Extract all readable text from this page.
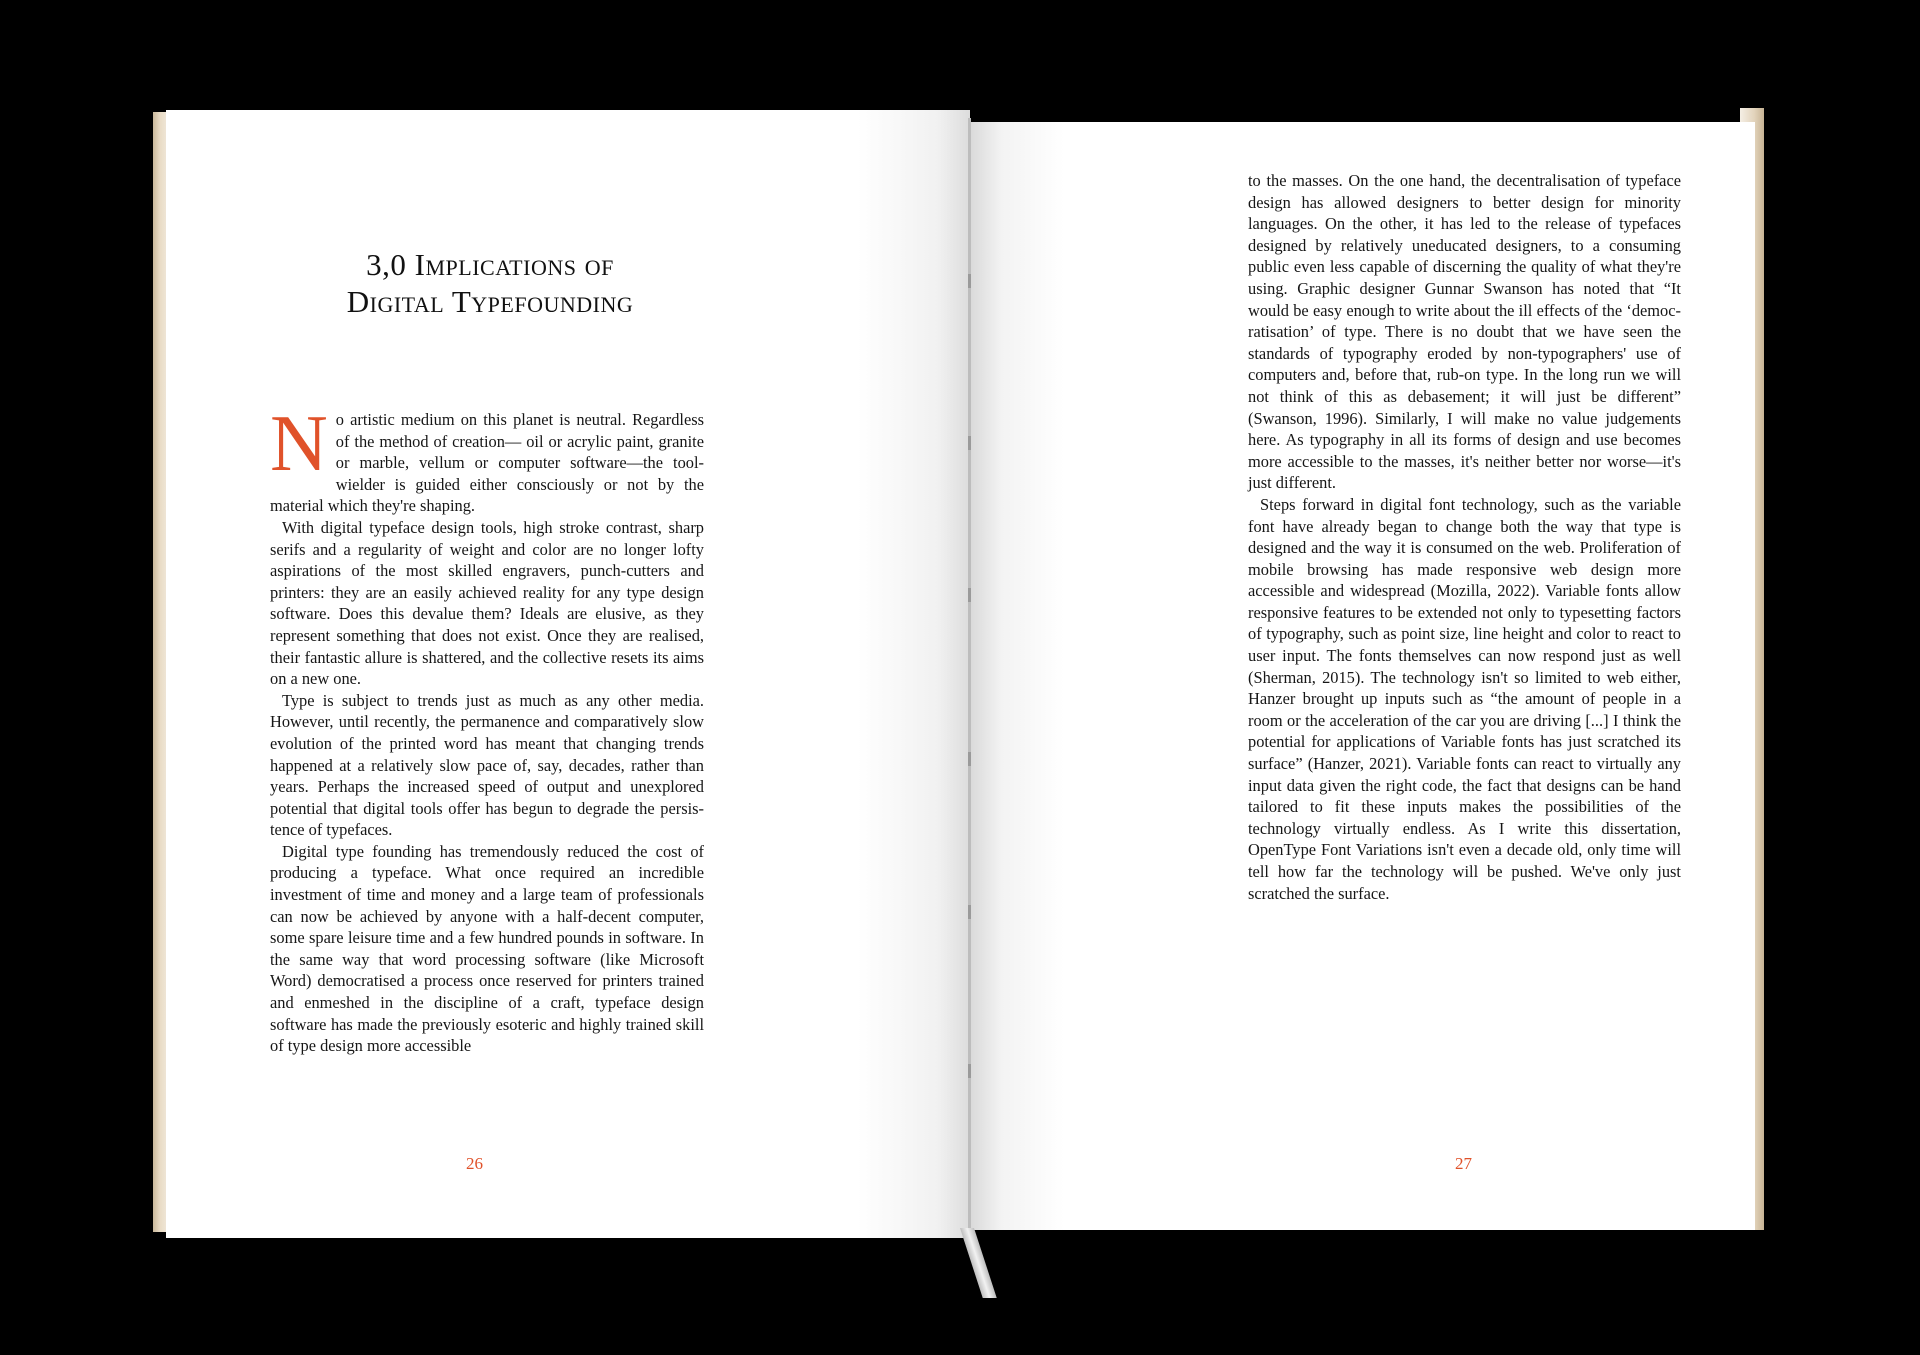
3,0 Implications of
Digital Typefounding

No artistic medium on this planet is neutral. Regardless of the method of creation— oil or acrylic paint, granite or marble, vellum or computer software—the tool-wielder is guided either consciously or not by the material which they're shaping.

With digital typeface design tools, high stroke contrast, sharp serifs and a regularity of weight and color are no longer lofty aspirations of the most skilled engravers, punch-cutters and printers: they are an easily achieved reality for any type design software. Does this devalue them? Ideals are elusive, as they represent something that does not exist. Once they are realised, their fantastic allure is shattered, and the collective resets its aims on a new one.

Type is subject to trends just as much as any other media. However, until recently, the permanence and comparatively slow evolution of the printed word has meant that changing trends happened at a relatively slow pace of, say, decades, rather than years. Perhaps the increased speed of output and unexplored potential that digital tools offer has begun to degrade the persistence of typefaces.

Digital type founding has tremendously reduced the cost of producing a typeface. What once required an incredible investment of time and money and a large team of professionals can now be achieved by anyone with a half-decent computer, some spare leisure time and a few hundred pounds in software. In the same way that word processing software (like Microsoft Word) democratised a process once reserved for printers trained and enmeshed in the discipline of a craft, typeface design software has made the previously esoteric and highly trained skill of type design more accessible

26

to the masses. On the one hand, the decentralisation of typeface design has allowed designers to better design for minority languages. On the other, it has led to the release of typefaces designed by relatively uneducated designers, to a consuming public even less capable of discerning the quality of what they're using. Graphic designer Gunnar Swanson has noted that “It would be easy enough to write about the ill effects of the ‘democratisation’ of type. There is no doubt that we have seen the standards of typography eroded by non-typographers' use of computers and, before that, rub-on type. In the long run we will not think of this as debasement; it will just be different” (Swanson, 1996). Similarly, I will make no value judgements here. As typography in all its forms of design and use becomes more accessible to the masses, it's neither better nor worse—it's just different.

Steps forward in digital font technology, such as the variable font have already began to change both the way that type is designed and the way it is consumed on the web. Proliferation of mobile browsing has made responsive web design more accessible and widespread (Mozilla, 2022). Variable fonts allow responsive features to be extended not only to typesetting factors of typography, such as point size, line height and color to react to user input. The fonts themselves can now respond just as well (Sherman, 2015). The technology isn't so limited to web either, Hanzer brought up inputs such as “the amount of people in a room or the acceleration of the car you are driving [...] I think the potential for applications of Variable fonts has just scratched its surface” (Hanzer, 2021). Variable fonts can react to virtually any input data given the right code, the fact that designs can be hand tailored to fit these inputs makes the possibilities of the technology virtually endless. As I write this dissertation, OpenType Font Variations isn't even a decade old, only time will tell how far the technology will be pushed. We've only just scratched the surface.

27
